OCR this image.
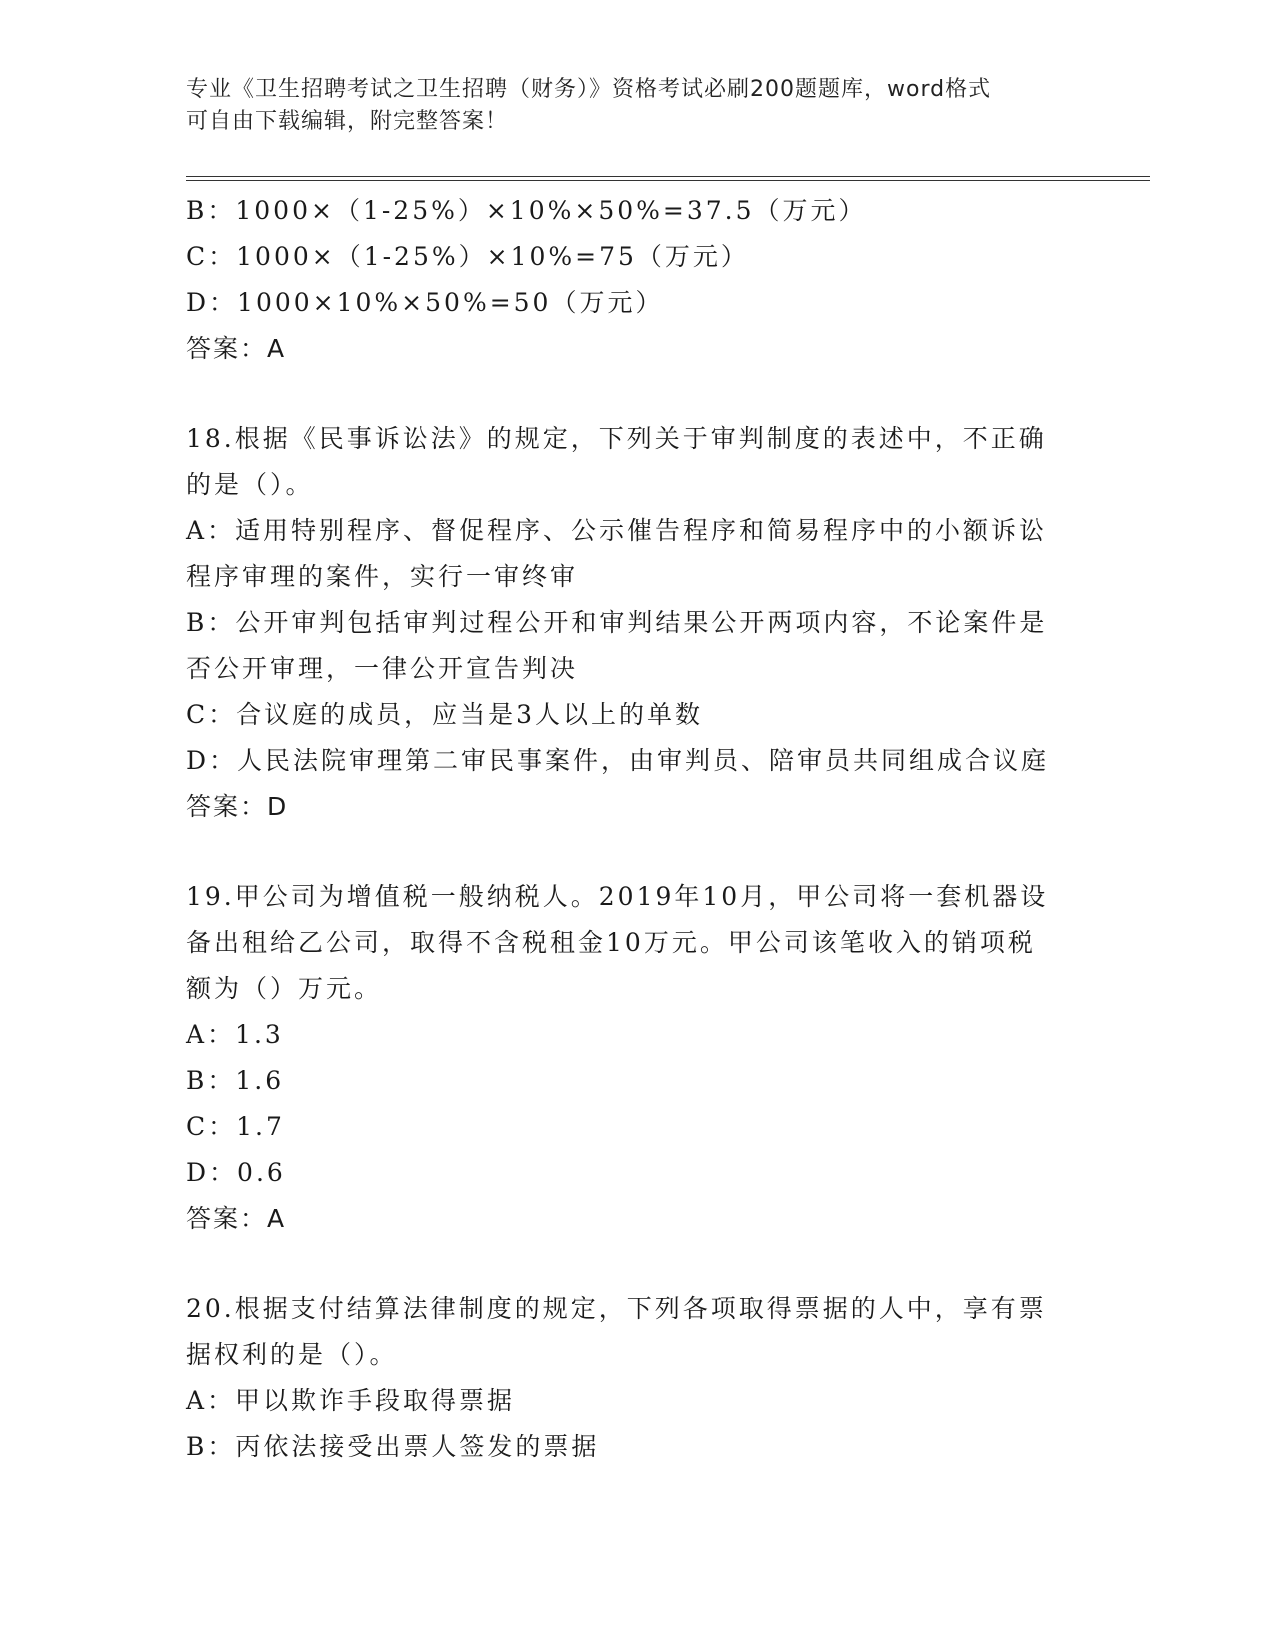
专业《卫生招聘考试之卫生招聘（财务）》资格考试必刷200题题库，word格式
可自由下载编辑，附完整答案！
B：1000×（1-25%）×10%×50%=37.5（万元）
C：1000×（1-25%）×10%=75（万元）
D：1000×10%×50%=50（万元）
答案：A
18.根据《民事诉讼法》的规定，下列关于审判制度的表述中，不正确
的是（）。
A：适用特别程序、督促程序、公示催告程序和简易程序中的小额诉讼
程序审理的案件，实行一审终审
B：公开审判包括审判过程公开和审判结果公开两项内容，不论案件是
否公开审理，一律公开宣告判决
C：合议庭的成员，应当是3人以上的单数
D：人民法院审理第二审民事案件，由审判员、陪审员共同组成合议庭
答案：D
19.甲公司为增值税一般纳税人。2019年10月，甲公司将一套机器设
备出租给乙公司，取得不含税租金10万元。甲公司该笔收入的销项税
额为（）万元。
A：1.3
B：1.6
C：1.7
D：0.6
答案：A
20.根据支付结算法律制度的规定，下列各项取得票据的人中，享有票
据权利的是（）。
A：甲以欺诈手段取得票据
B：丙依法接受出票人签发的票据
